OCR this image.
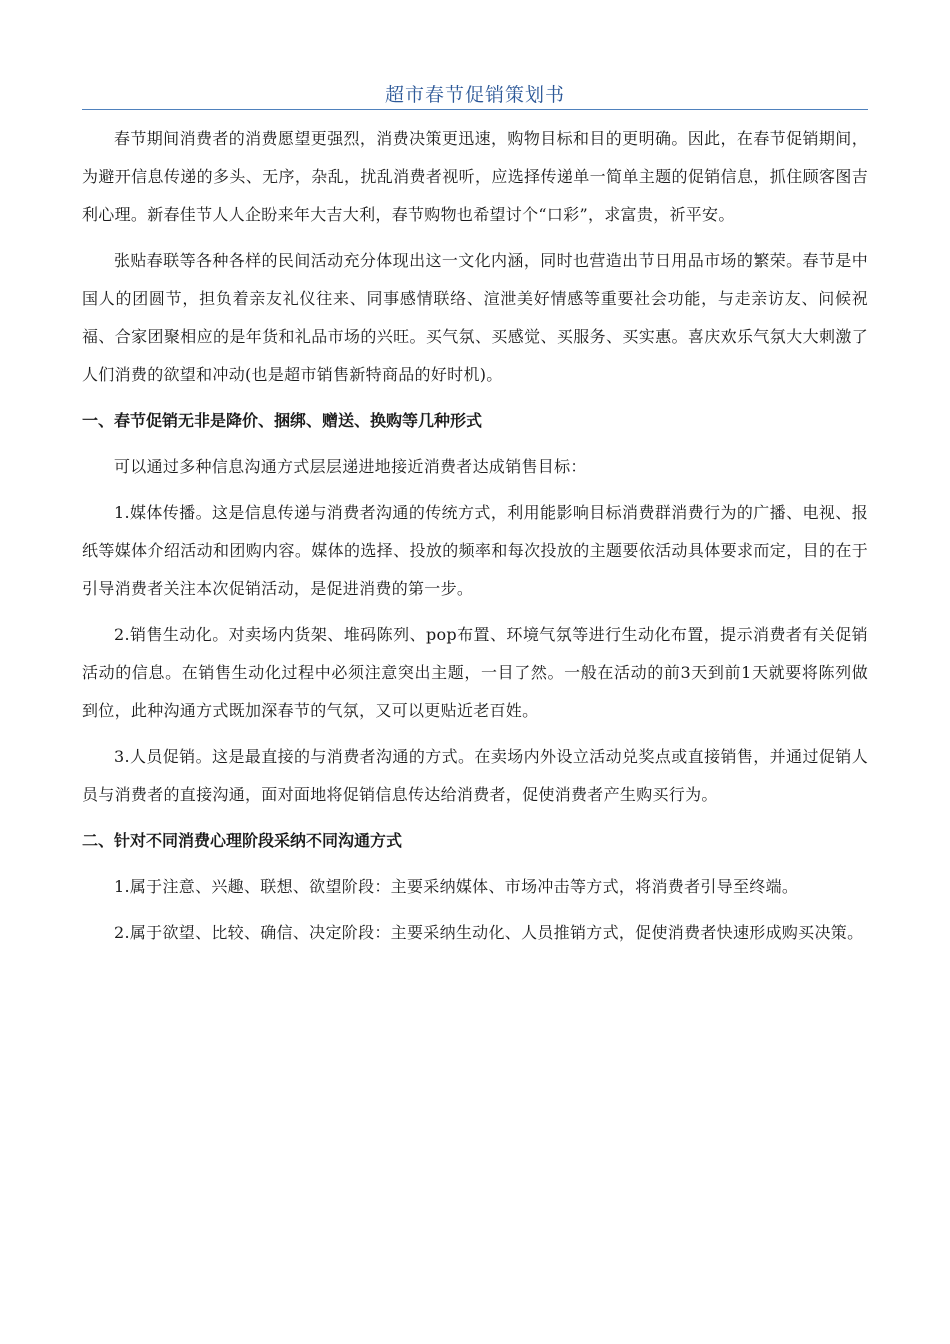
超市春节促销策划书

春节期间消费者的消费愿望更强烈，消费决策更迅速，购物目标和目的更明确。因此，在春节促销期间，为避开信息传递的多头、无序，杂乱，扰乱消费者视听，应选择传递单一简单主题的促销信息，抓住顾客图吉利心理。新春佳节人人企盼来年大吉大利，春节购物也希望讨个“口彩”，求富贵，祈平安。

张贴春联等各种各样的民间活动充分体现出这一文化内涵，同时也营造出节日用品市场的繁荣。春节是中国人的团圆节，担负着亲友礼仪往来、同事感情联络、渲泄美好情感等重要社会功能，与走亲访友、问候祝福、合家团聚相应的是年货和礼品市场的兴旺。买气氛、买感觉、买服务、买实惠。喜庆欢乐气氛大大刺激了人们消费的欲望和冲动(也是超市销售新特商品的好时机)。

一、春节促销无非是降价、捆绑、赠送、换购等几种形式

可以通过多种信息沟通方式层层递进地接近消费者达成销售目标：

1.媒体传播。这是信息传递与消费者沟通的传统方式，利用能影响目标消费群消费行为的广播、电视、报纸等媒体介绍活动和团购内容。媒体的选择、投放的频率和每次投放的主题要依活动具体要求而定，目的在于引导消费者关注本次促销活动，是促进消费的第一步。

2.销售生动化。对卖场内货架、堆码陈列、pop布置、环境气氛等进行生动化布置，提示消费者有关促销活动的信息。在销售生动化过程中必须注意突出主题，一目了然。一般在活动的前3天到前1天就要将陈列做到位，此种沟通方式既加深春节的气氛，又可以更贴近老百姓。

3.人员促销。这是最直接的与消费者沟通的方式。在卖场内外设立活动兑奖点或直接销售，并通过促销人员与消费者的直接沟通，面对面地将促销信息传达给消费者，促使消费者产生购买行为。

二、针对不同消费心理阶段采纳不同沟通方式

1.属于注意、兴趣、联想、欲望阶段：主要采纳媒体、市场冲击等方式，将消费者引导至终端。

2.属于欲望、比较、确信、决定阶段：主要采纳生动化、人员推销方式，促使消费者快速形成购买决策。
